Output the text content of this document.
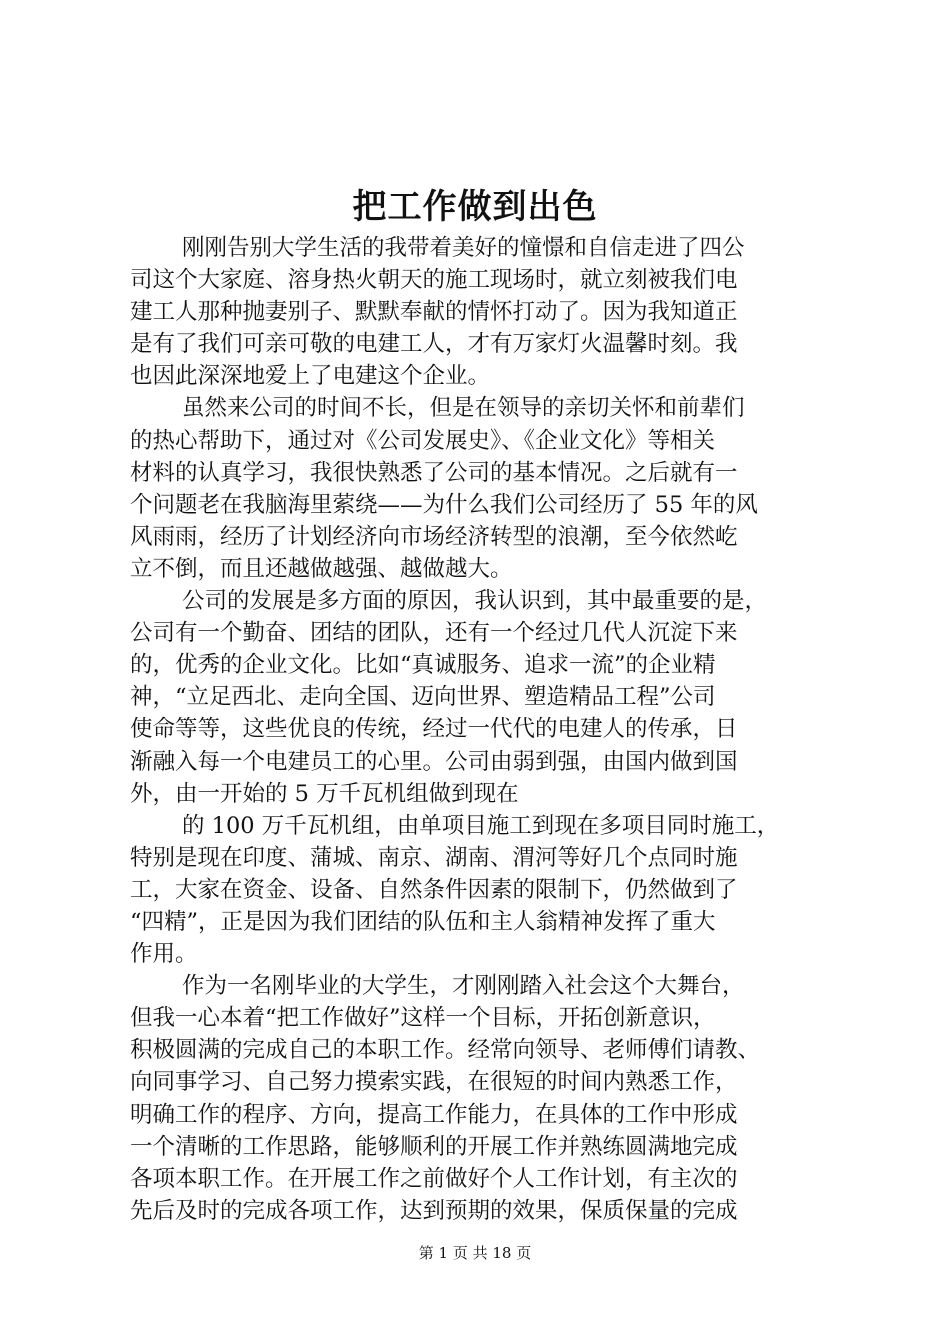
把工作做到出色
刚刚告别大学生活的我带着美好的憧憬和自信走进了四公
司这个大家庭、溶身热火朝天的施工现场时，就立刻被我们电
建工人那种抛妻别子、默默奉献的情怀打动了。因为我知道正
是有了我们可亲可敬的电建工人，才有万家灯火温馨时刻。我
也因此深深地爱上了电建这个企业。
虽然来公司的时间不长，但是在领导的亲切关怀和前辈们
的热心帮助下，通过对《公司发展史》、《企业文化》等相关
材料的认真学习，我很快熟悉了公司的基本情况。之后就有一
个问题老在我脑海里萦绕——为什么我们公司经历了 55 年的风
风雨雨，经历了计划经济向市场经济转型的浪潮，至今依然屹
立不倒，而且还越做越强、越做越大。
公司的发展是多方面的原因，我认识到，其中最重要的是，
公司有一个勤奋、团结的团队，还有一个经过几代人沉淀下来
的，优秀的企业文化。比如“真诚服务、追求一流”的企业精
神，“立足西北、走向全国、迈向世界、塑造精品工程”公司
使命等等，这些优良的传统，经过一代代的电建人的传承，日
渐融入每一个电建员工的心里。公司由弱到强，由国内做到国
外，由一开始的 5 万千瓦机组做到现在
的 100 万千瓦机组，由单项目施工到现在多项目同时施工，
特别是现在印度、蒲城、南京、湖南、渭河等好几个点同时施
工，大家在资金、设备、自然条件因素的限制下，仍然做到了
“四精”，正是因为我们团结的队伍和主人翁精神发挥了重大
作用。
作为一名刚毕业的大学生，才刚刚踏入社会这个大舞台，
但我一心本着“把工作做好”这样一个目标，开拓创新意识，
积极圆满的完成自己的本职工作。经常向领导、老师傅们请教、
向同事学习、自己努力摸索实践，在很短的时间内熟悉工作，
明确工作的程序、方向，提高工作能力，在具体的工作中形成
一个清晰的工作思路，能够顺利的开展工作并熟练圆满地完成
各项本职工作。在开展工作之前做好个人工作计划，有主次的
先后及时的完成各项工作，达到预期的效果，保质保量的完成
第 1 页 共 18 页
